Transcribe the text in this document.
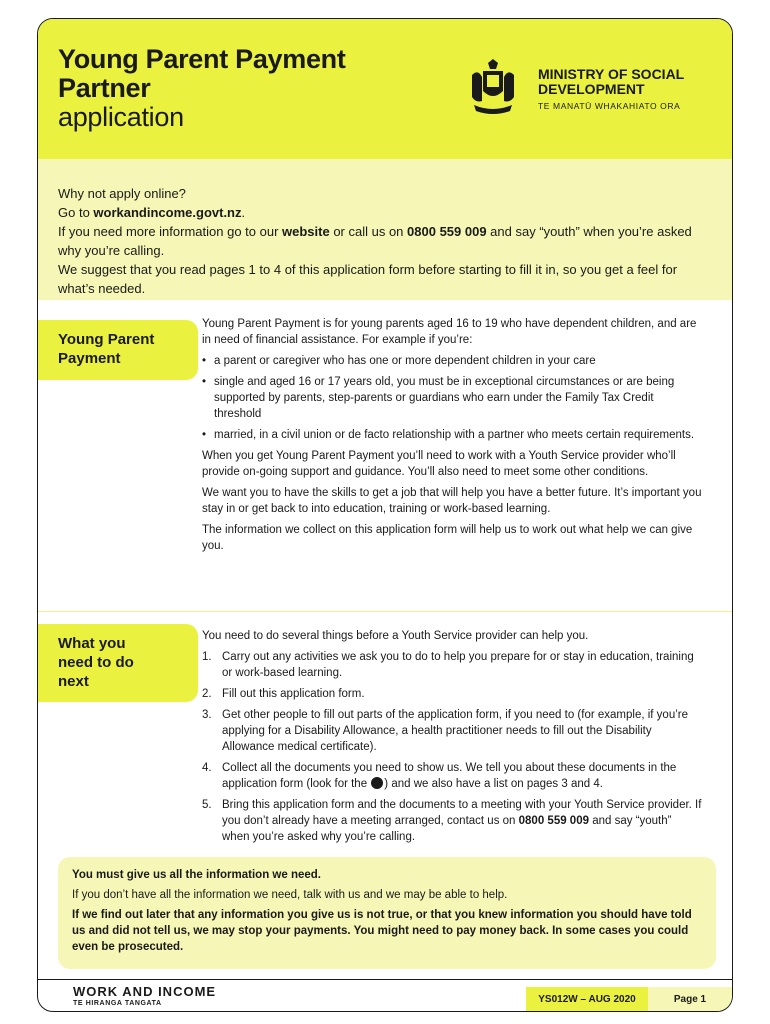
Young Parent Payment
Partner
application
MINISTRY OF SOCIAL
DEVELOPMENT
TE MANATŪ WHAKAHIATO ORA

Why not apply online?

Go to workandincome.govt.nz.

If you need more information go to our website or call us on 0800 559 009 and say “youth” when you’re asked why you’re calling.

We suggest that you read pages 1 to 4 of this application form before starting to fill it in, so you get a feel for what’s needed.

Young Parent Payment

Young Parent Payment is for young parents aged 16 to 19 who have dependent children, and are in need of financial assistance. For example if you’re:

• a parent or caregiver who has one or more dependent children in your care
• single and aged 16 or 17 years old, you must be in exceptional circumstances or are being supported by parents, step-parents or guardians who earn under the Family Tax Credit threshold
• married, in a civil union or de facto relationship with a partner who meets certain requirements.

When you get Young Parent Payment you’ll need to work with a Youth Service provider who’ll provide on-going support and guidance. You’ll also need to meet some other conditions.

We want you to have the skills to get a job that will help you have a better future. It’s important you stay in or get back to into education, training or work-based learning.

The information we collect on this application form will help us to work out what help we can give you.

What you need to do next

You need to do several things before a Youth Service provider can help you.

1. Carry out any activities we ask you to do to help you prepare for or stay in education, training or work-based learning.
2. Fill out this application form.
3. Get other people to fill out parts of the application form, if you need to (for example, if you’re applying for a Disability Allowance, a health practitioner needs to fill out the Disability Allowance medical certificate).
4. Collect all the documents you need to show us. We tell you about these documents in the application form (look for the ) and we also have a list on pages 3 and 4.
5. Bring this application form and the documents to a meeting with your Youth Service provider. If you don’t already have a meeting arranged, contact us on 0800 559 009 and say “youth” when you’re asked why you’re calling.

You must give us all the information we need.

If you don’t have all the information we need, talk with us and we may be able to help.

If we find out later that any information you give us is not true, or that you knew information you should have told us and did not tell us, we may stop your payments. You might need to pay money back. In some cases you could even be prosecuted.

WORK AND INCOME
TE HIRANGA TANGATA	YS012W – AUG 2020	Page 1
